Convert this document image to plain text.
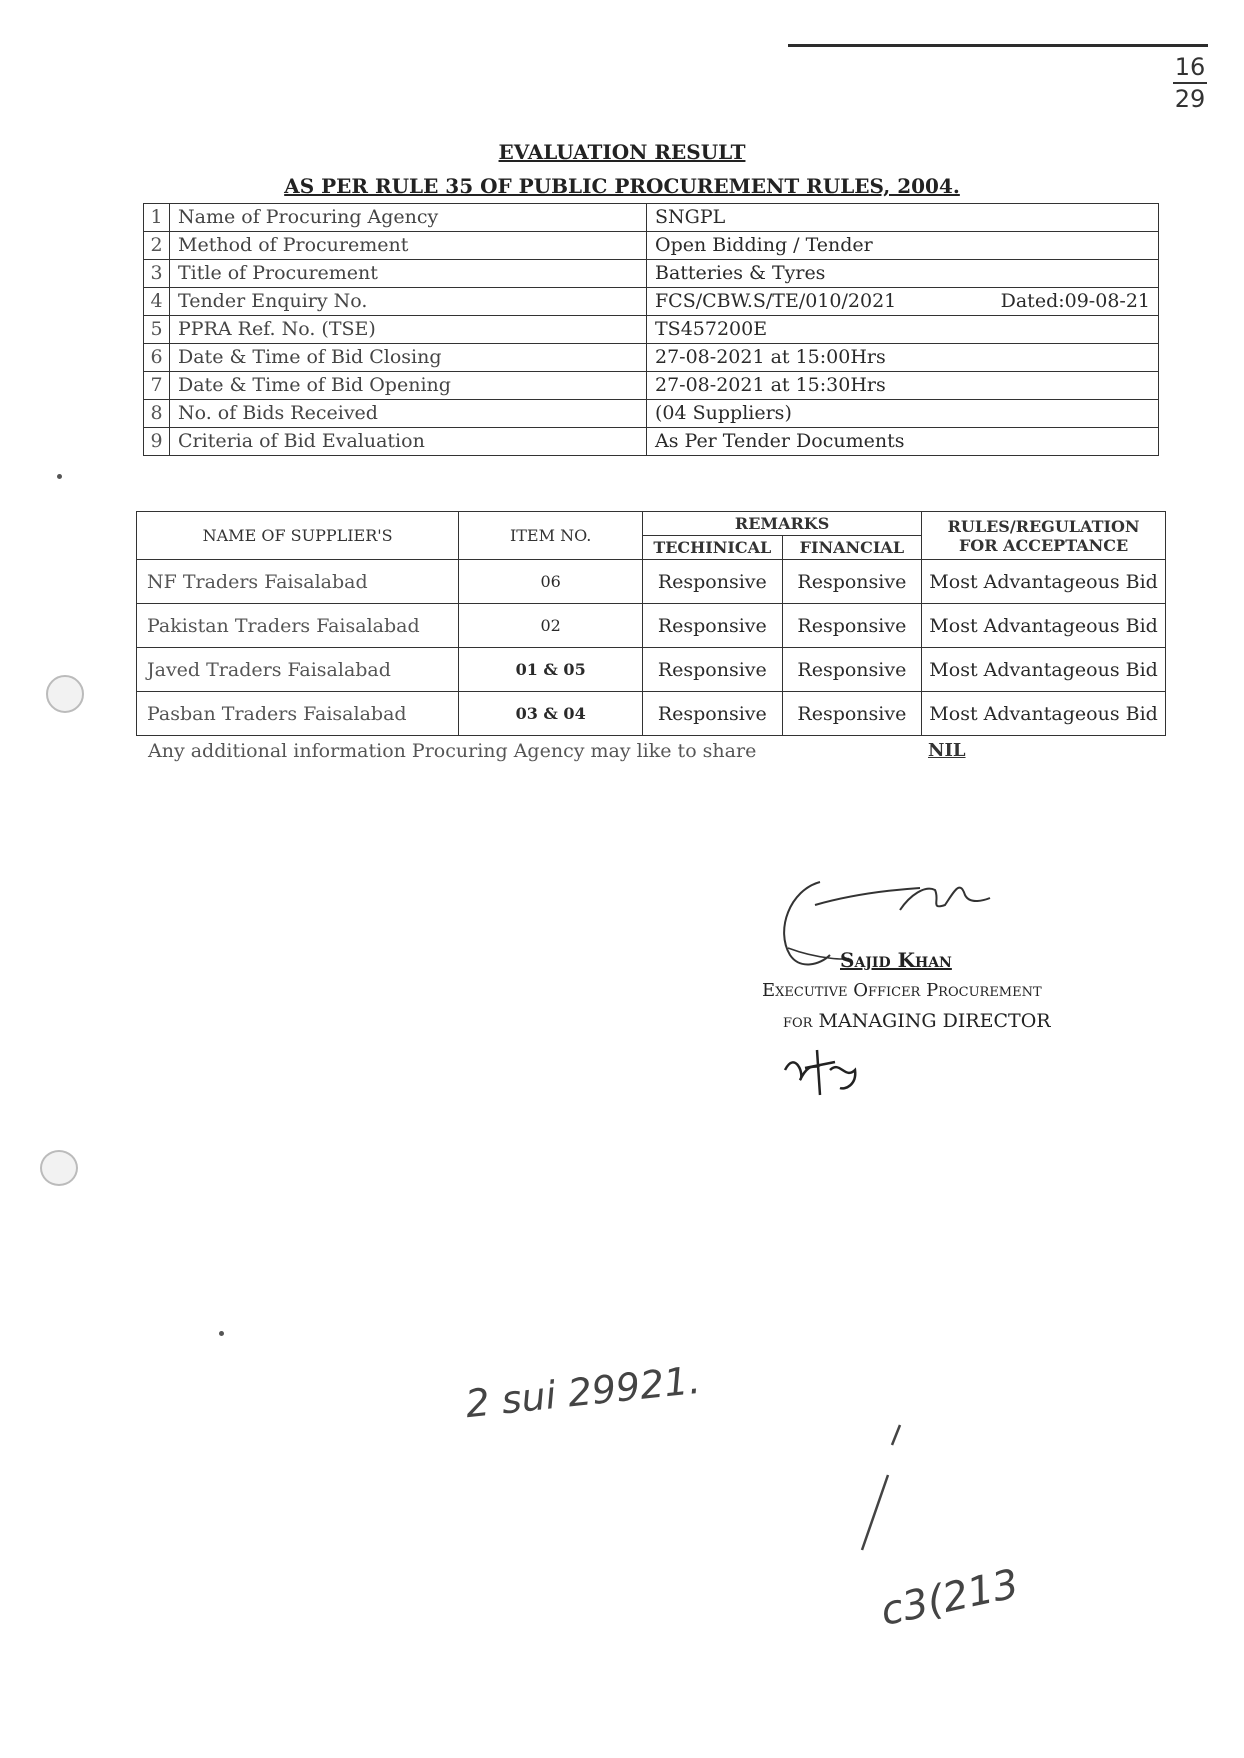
16
29
EVALUATION RESULT
AS PER RULE 35 OF PUBLIC PROCUREMENT RULES, 2004.
1	Name of Procuring Agency	SNGPL
2	Method of Procurement	Open Bidding / Tender
3	Title of Procurement	Batteries & Tyres
4	Tender Enquiry No.	FCS/CBW.S/TE/010/2021 Dated:09-08-21

5	PPRA Ref. No. (TSE)	TS457200E
6	Date & Time of Bid Closing	27-08-2021 at 15:00Hrs
7	Date & Time of Bid Opening	27-08-2021 at 15:30Hrs
8	No. of Bids Received	(04 Suppliers)
9	Criteria of Bid Evaluation	As Per Tender Documents
NAME OF SUPPLIER'S	ITEM NO.	REMARKS		RULES/REGULATION
FOR ACCEPTANCE

		TECHINICAL	FINANCIAL	
NF Traders Faisalabad	06	Responsive	Responsive	Most Advantageous Bid
Pakistan Traders Faisalabad	02	Responsive	Responsive	Most Advantageous Bid
Javed Traders Faisalabad	01 & 05	Responsive	Responsive	Most Advantageous Bid
Pasban Traders Faisalabad	03 & 04	Responsive	Responsive	Most Advantageous Bid
Any additional information Procuring Agency may like to share	NIL
Sajid Khan
Executive Officer Procurement
for MANAGING DIRECTOR
2 sui 29921.
c3(213
